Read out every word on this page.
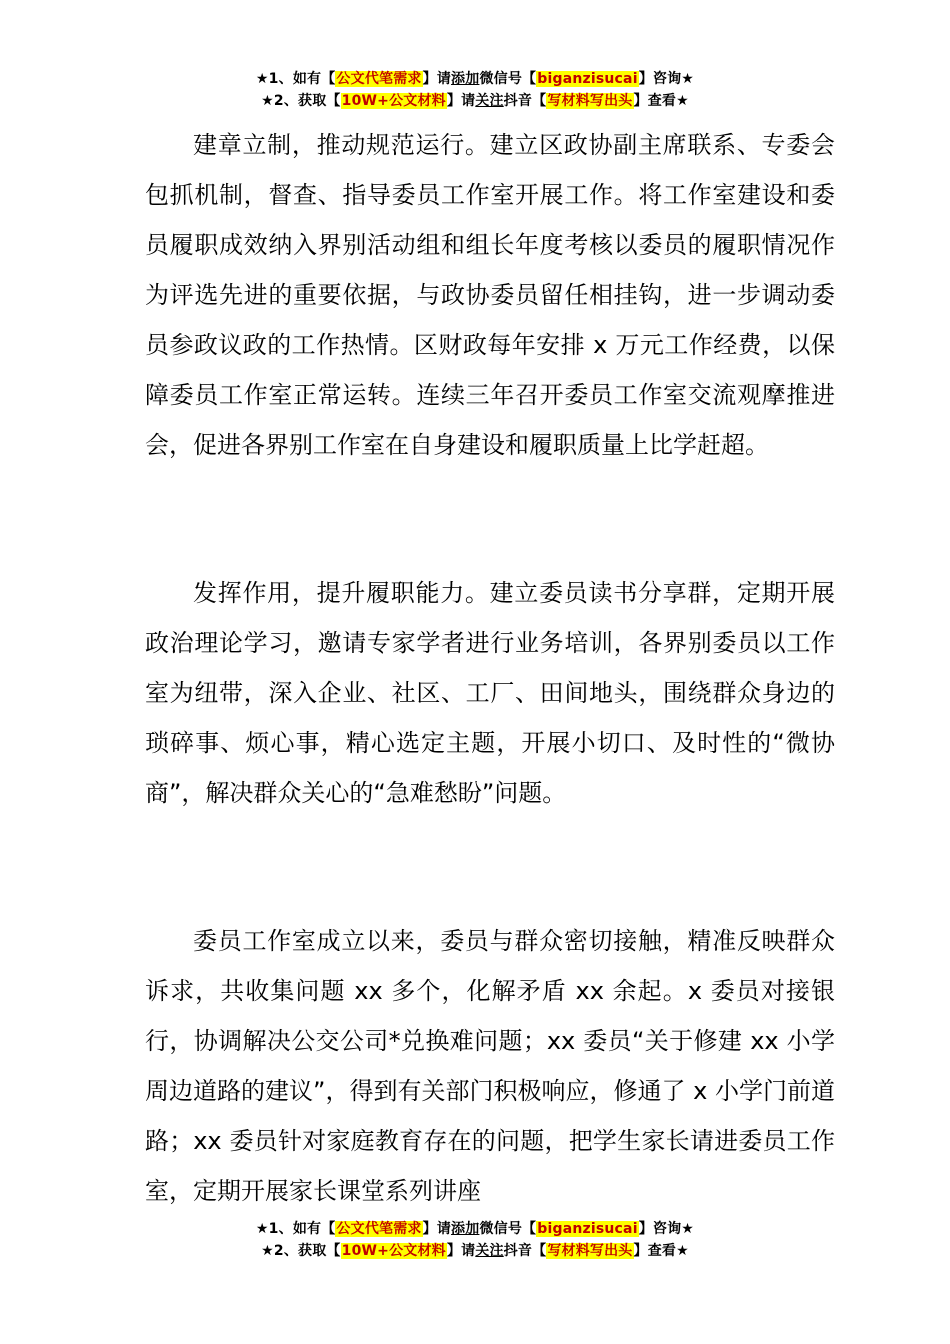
★1、如有【公文代笔需求】请添加微信号【biganzisucai】咨询★
★2、获取【10W+公文材料】请关注抖音【写材料写出头】查看★

建章立制，推动规范运行。建立区政协副主席联系、专委会包抓机制，督查、指导委员工作室开展工作。将工作室建设和委员履职成效纳入界别活动组和组长年度考核以委员的履职情况作为评选先进的重要依据，与政协委员留任相挂钩，进一步调动委员参政议政的工作热情。区财政每年安排 x 万元工作经费，以保障委员工作室正常运转。连续三年召开委员工作室交流观摩推进会，促进各界别工作室在自身建设和履职质量上比学赶超。

发挥作用，提升履职能力。建立委员读书分享群，定期开展政治理论学习，邀请专家学者进行业务培训，各界别委员以工作室为纽带，深入企业、社区、工厂、田间地头，围绕群众身边的琐碎事、烦心事，精心选定主题，开展小切口、及时性的“微协商”，解决群众关心的“急难愁盼”问题。

委员工作室成立以来，委员与群众密切接触，精准反映群众诉求，共收集问题 xx 多个，化解矛盾 xx 余起。x 委员对接银行，协调解决公交公司*兑换难问题；xx 委员“关于修建 xx 小学周边道路的建议”，得到有关部门积极响应，修通了 x 小学门前道路；xx 委员针对家庭教育存在的问题，把学生家长请进委员工作室，定期开展家长课堂系列讲座

★1、如有【公文代笔需求】请添加微信号【biganzisucai】咨询★
★2、获取【10W+公文材料】请关注抖音【写材料写出头】查看★
